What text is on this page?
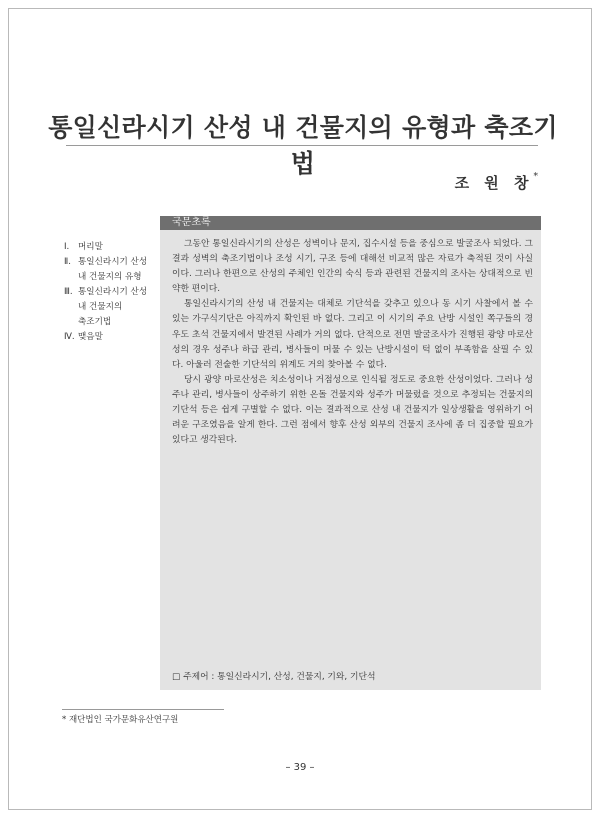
통일신라시기 산성 내 건물지의 유형과 축조기법
조 원 창*
Ⅰ.	머리말
Ⅱ. 통일신라시기 산성
내 건물지의 유형
Ⅲ. 통일신라시기 산성
내 건물지의
축조기법
Ⅳ. 맺음말
국문초록

그동안 통일신라시기의 산성은 성벽이나 문지, 집수시설 등을 중심으로 발굴조사 되었다. 그 결과 성벽의 축조기법이나 조성 시기, 구조 등에 대해선 비교적 많은 자료가 축적된 것이 사실이다. 그러나 한편으로 산성의 주체인 인간의 숙식 등과 관련된 건물지의 조사는 상대적으로 빈약한 편이다.

통일신라시기의 산성 내 건물지는 대체로 기단석을 갖추고 있으나 동 시기 사찰에서 볼 수 있는 가구식기단은 아직까지 확인된 바 없다. 그리고 이 시기의 주요 난방 시설인 쪽구들의 경우도 초석 건물지에서 발견된 사례가 거의 없다. 단적으로 전면 발굴조사가 진행된 광양 마로산성의 경우 성주나 하급 관리, 병사들이 머물 수 있는 난방시설이 턱 없이 부족함을 살필 수 있다. 아울러 전술한 기단석의 위계도 거의 찾아볼 수 없다.

당시 광양 마로산성은 치소성이나 거점성으로 인식될 정도로 중요한 산성이었다. 그러나 성주나 관리, 병사들이 상주하기 위한 온돌 건물지와 성주가 머물렀을 것으로 추정되는 건물지의 기단석 등은 쉽게 구별할 수 없다. 이는 결과적으로 산성 내 건물지가 일상생활을 영위하기 어려운 구조였음을 알게 한다. 그런 점에서 향후 산성 외부의 건물지 조사에 좀 더 집중할 필요가 있다고 생각된다.

□ 주제어 : 통일신라시기, 산성, 건물지, 기와, 기단석
* 재단법인 국가문화유산연구원
– 39 –
